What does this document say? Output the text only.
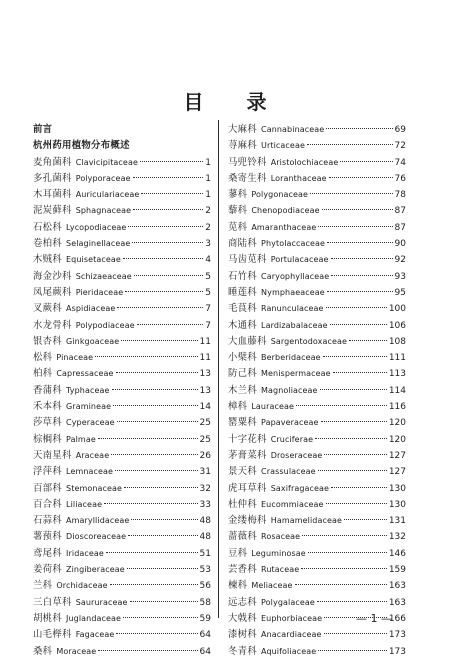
目 录
前言
杭州药用植物分布概述
麦角菌科 Clavicipitaceae	1
多孔菌科 Polyporaceae	1
木耳菌科 Auriculariaceae	1
泥炭藓科 Sphagnaceae	2
石松科 Lycopodiaceae	2
卷柏科 Selaginellaceae	3
木贼科 Equisetaceae	4
海金沙科 Schizaeaceae	5
凤尾蕨科 Pieridaceae	5
叉蕨科 Aspidiaceae	7
水龙骨科 Polypodiaceae	7
银杏科 Ginkgoaceae	11
松科 Pinaceae	11
柏科 Capressaceae	13
香蒲科 Typhaceae	13
禾本科 Gramineae	14
莎草科 Cyperaceae	25
棕榈科 Palmae	25
天南星科 Araceae	26
浮萍科 Lemnaceae	31
百部科 Stemonaceae	32
百合科 Liliaceae	33
石蒜科 Amaryllidaceae	48
薯蓣科 Dioscoreaceae	48
鸢尾科 Iridaceae	51
姜荷科 Zingiberaceae	53
兰科 Orchidaceae	56
三白草科 Saururaceae	58
胡桃科 Juglandaceae	59
山毛榉科 Fagaceae	64
桑科 Moraceae	64
大麻科 Cannabinaceae	69
荨麻科 Urticaceae	72
马兜铃科 Aristolochiaceae	74
桑寄生科 Loranthaceae	76
蓼科 Polygonaceae	78
藜科 Chenopodiaceae	87
苋科 Amaranthaceae	87
商陆科 Phytolaccaceae	90
马齿苋科 Portulacaceae	92
石竹科 Caryophyllaceae	93
睡莲科 Nymphaeaceae	95
毛茛科 Ranunculaceae	100
木通科 Lardizabalaceae	106
大血藤科 Sargentodoxaceae	108
小檗科 Berberidaceae	111
防己科 Menispermaceae	113
木兰科 Magnoliaceae	114
樟科 Lauraceae	116
罂粟科 Papaveraceae	120
十字花科 Cruciferae	120
茅膏菜科 Droseraceae	127
景天科 Crassulaceae	127
虎耳草科 Saxifragaceae	130
杜仲科 Eucommiaceae	130
金缕梅科 Hamamelidaceae	131
蔷薇科 Rosaceae	132
豆科 Leguminosae	146
芸香科 Rutaceae	159
楝科 Meliaceae	163
远志科 Polygalaceae	163
大戟科 Euphorbiaceae	166
漆树科 Anacardiaceae	173
冬青科 Aquifoliaceae	173
— 1 —
